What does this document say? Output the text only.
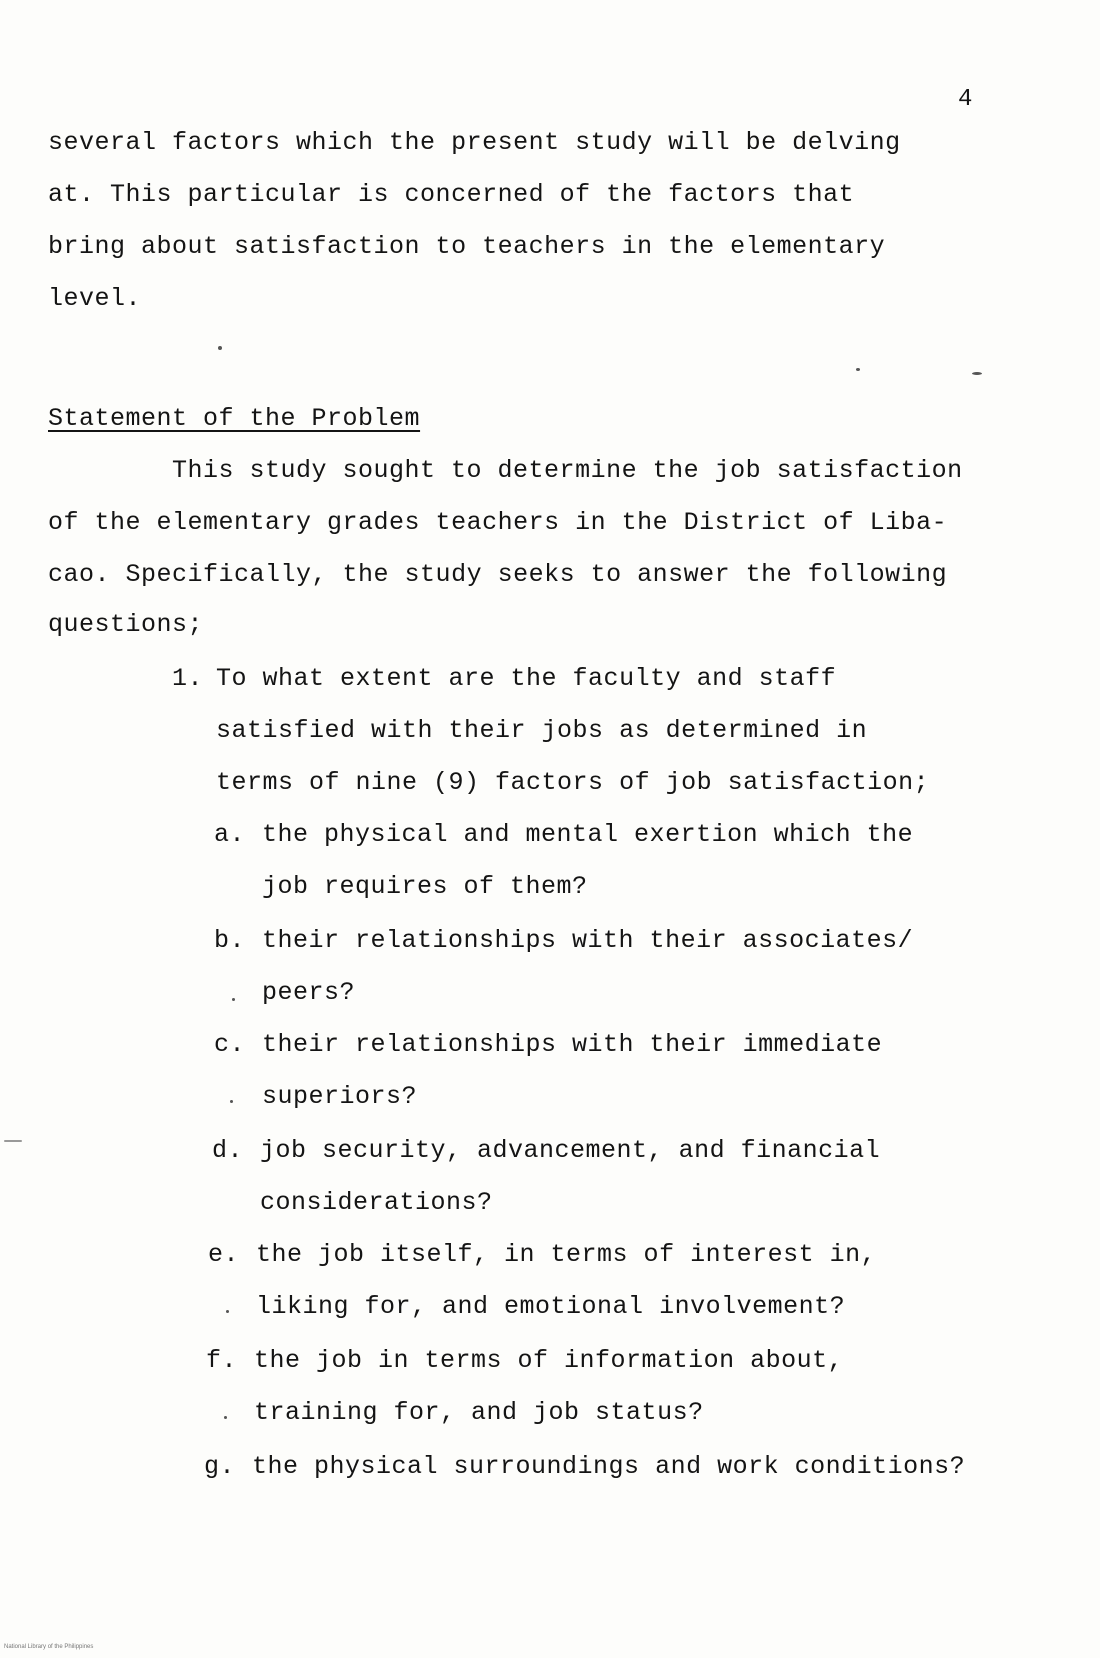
4
several factors which the present study will be delving
at. This particular is concerned of the factors that
bring about satisfaction to teachers in the elementary
level.
Statement of the Problem
This study sought to determine the job satisfaction
of the elementary grades teachers in the District of Liba-
cao. Specifically, the study seeks to answer the following
questions;
1. To what extent are the faculty and staff
satisfied with their jobs as determined in
terms of nine (9) factors of job satisfaction;
a. the physical and mental exertion which the
job requires of them?
b. their relationships with their associates/
peers?
c. their relationships with their immediate
superiors?
d. job security, advancement, and financial
considerations?
e. the job itself, in terms of interest in,
liking for, and emotional involvement?
f. the job in terms of information about,
training for, and job status?
g. the physical surroundings and work conditions?
National Library of the Philippines
